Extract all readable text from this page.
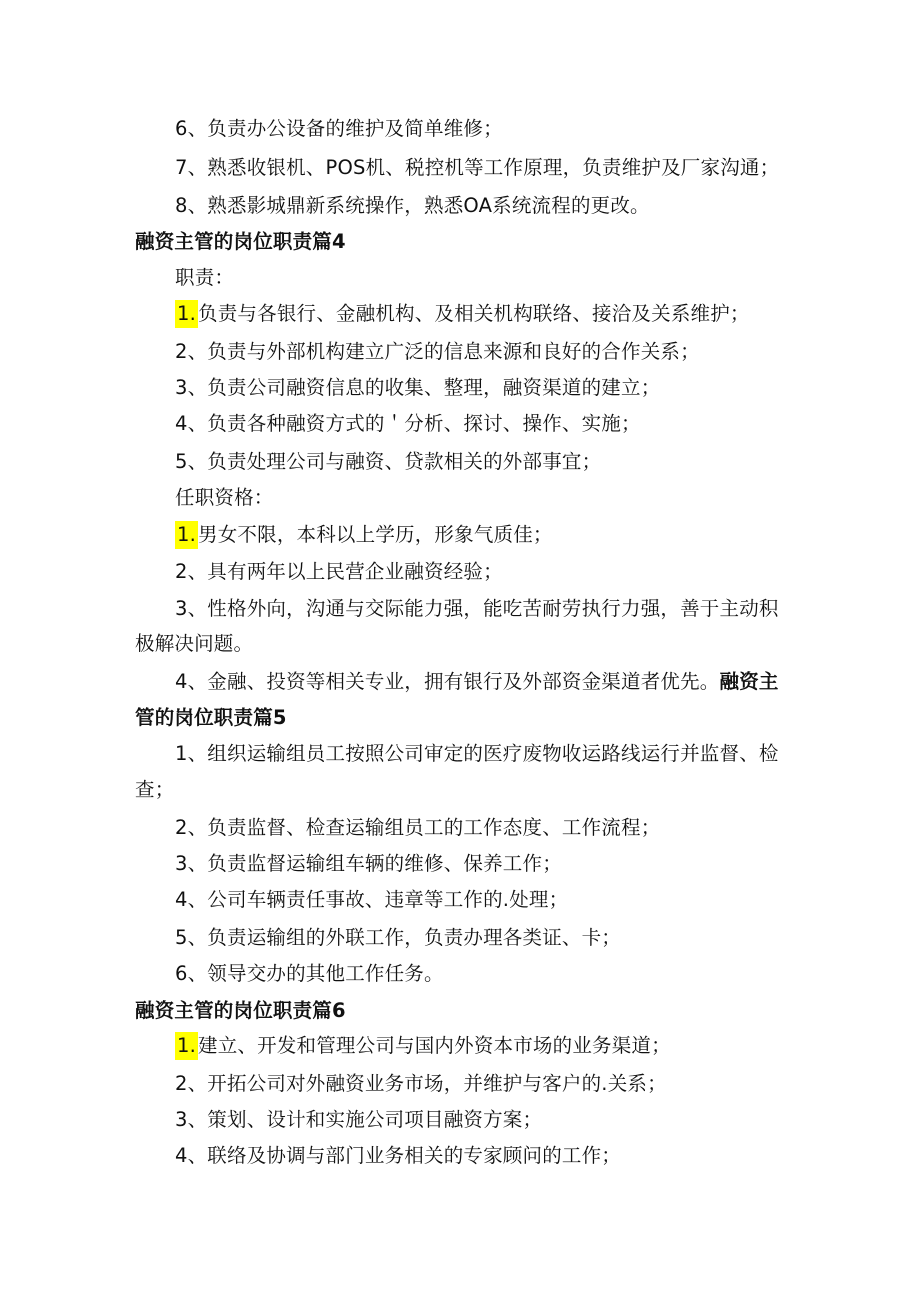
6、负责办公设备的维护及简单维修；
7、熟悉收银机、POS机、税控机等工作原理，负责维护及厂家沟通；
8、熟悉影城鼎新系统操作，熟悉OA系统流程的更改。
融资主管的岗位职责篇4
职责：
1. 负责与各银行、金融机构、及相关机构联络、接洽及关系维护；
2、负责与外部机构建立广泛的信息来源和良好的合作关系；
3、负责公司融资信息的收集、整理，融资渠道的建立；
4、负责各种融资方式的＇分析、探讨、操作、实施；
5、负责处理公司与融资、贷款相关的外部事宜；
任职资格：
1. 男女不限，本科以上学历，形象气质佳；
2、具有两年以上民营企业融资经验；
3、性格外向，沟通与交际能力强，能吃苦耐劳执行力强，善于主动积
极解决问题。
4、金融、投资等相关专业，拥有银行及外部资金渠道者优先。融资主
管的岗位职责篇5
1、组织运输组员工按照公司审定的医疗废物收运路线运行并监督、检
查；
2、负责监督、检查运输组员工的工作态度、工作流程；
3、负责监督运输组车辆的维修、保养工作；
4、公司车辆责任事故、违章等工作的.处理；
5、负责运输组的外联工作，负责办理各类证、卡；
6、领导交办的其他工作任务。
融资主管的岗位职责篇6
1. 建立、开发和管理公司与国内外资本市场的业务渠道；
2、开拓公司对外融资业务市场，并维护与客户的.关系；
3、策划、设计和实施公司项目融资方案；
4、联络及协调与部门业务相关的专家顾问的工作；
